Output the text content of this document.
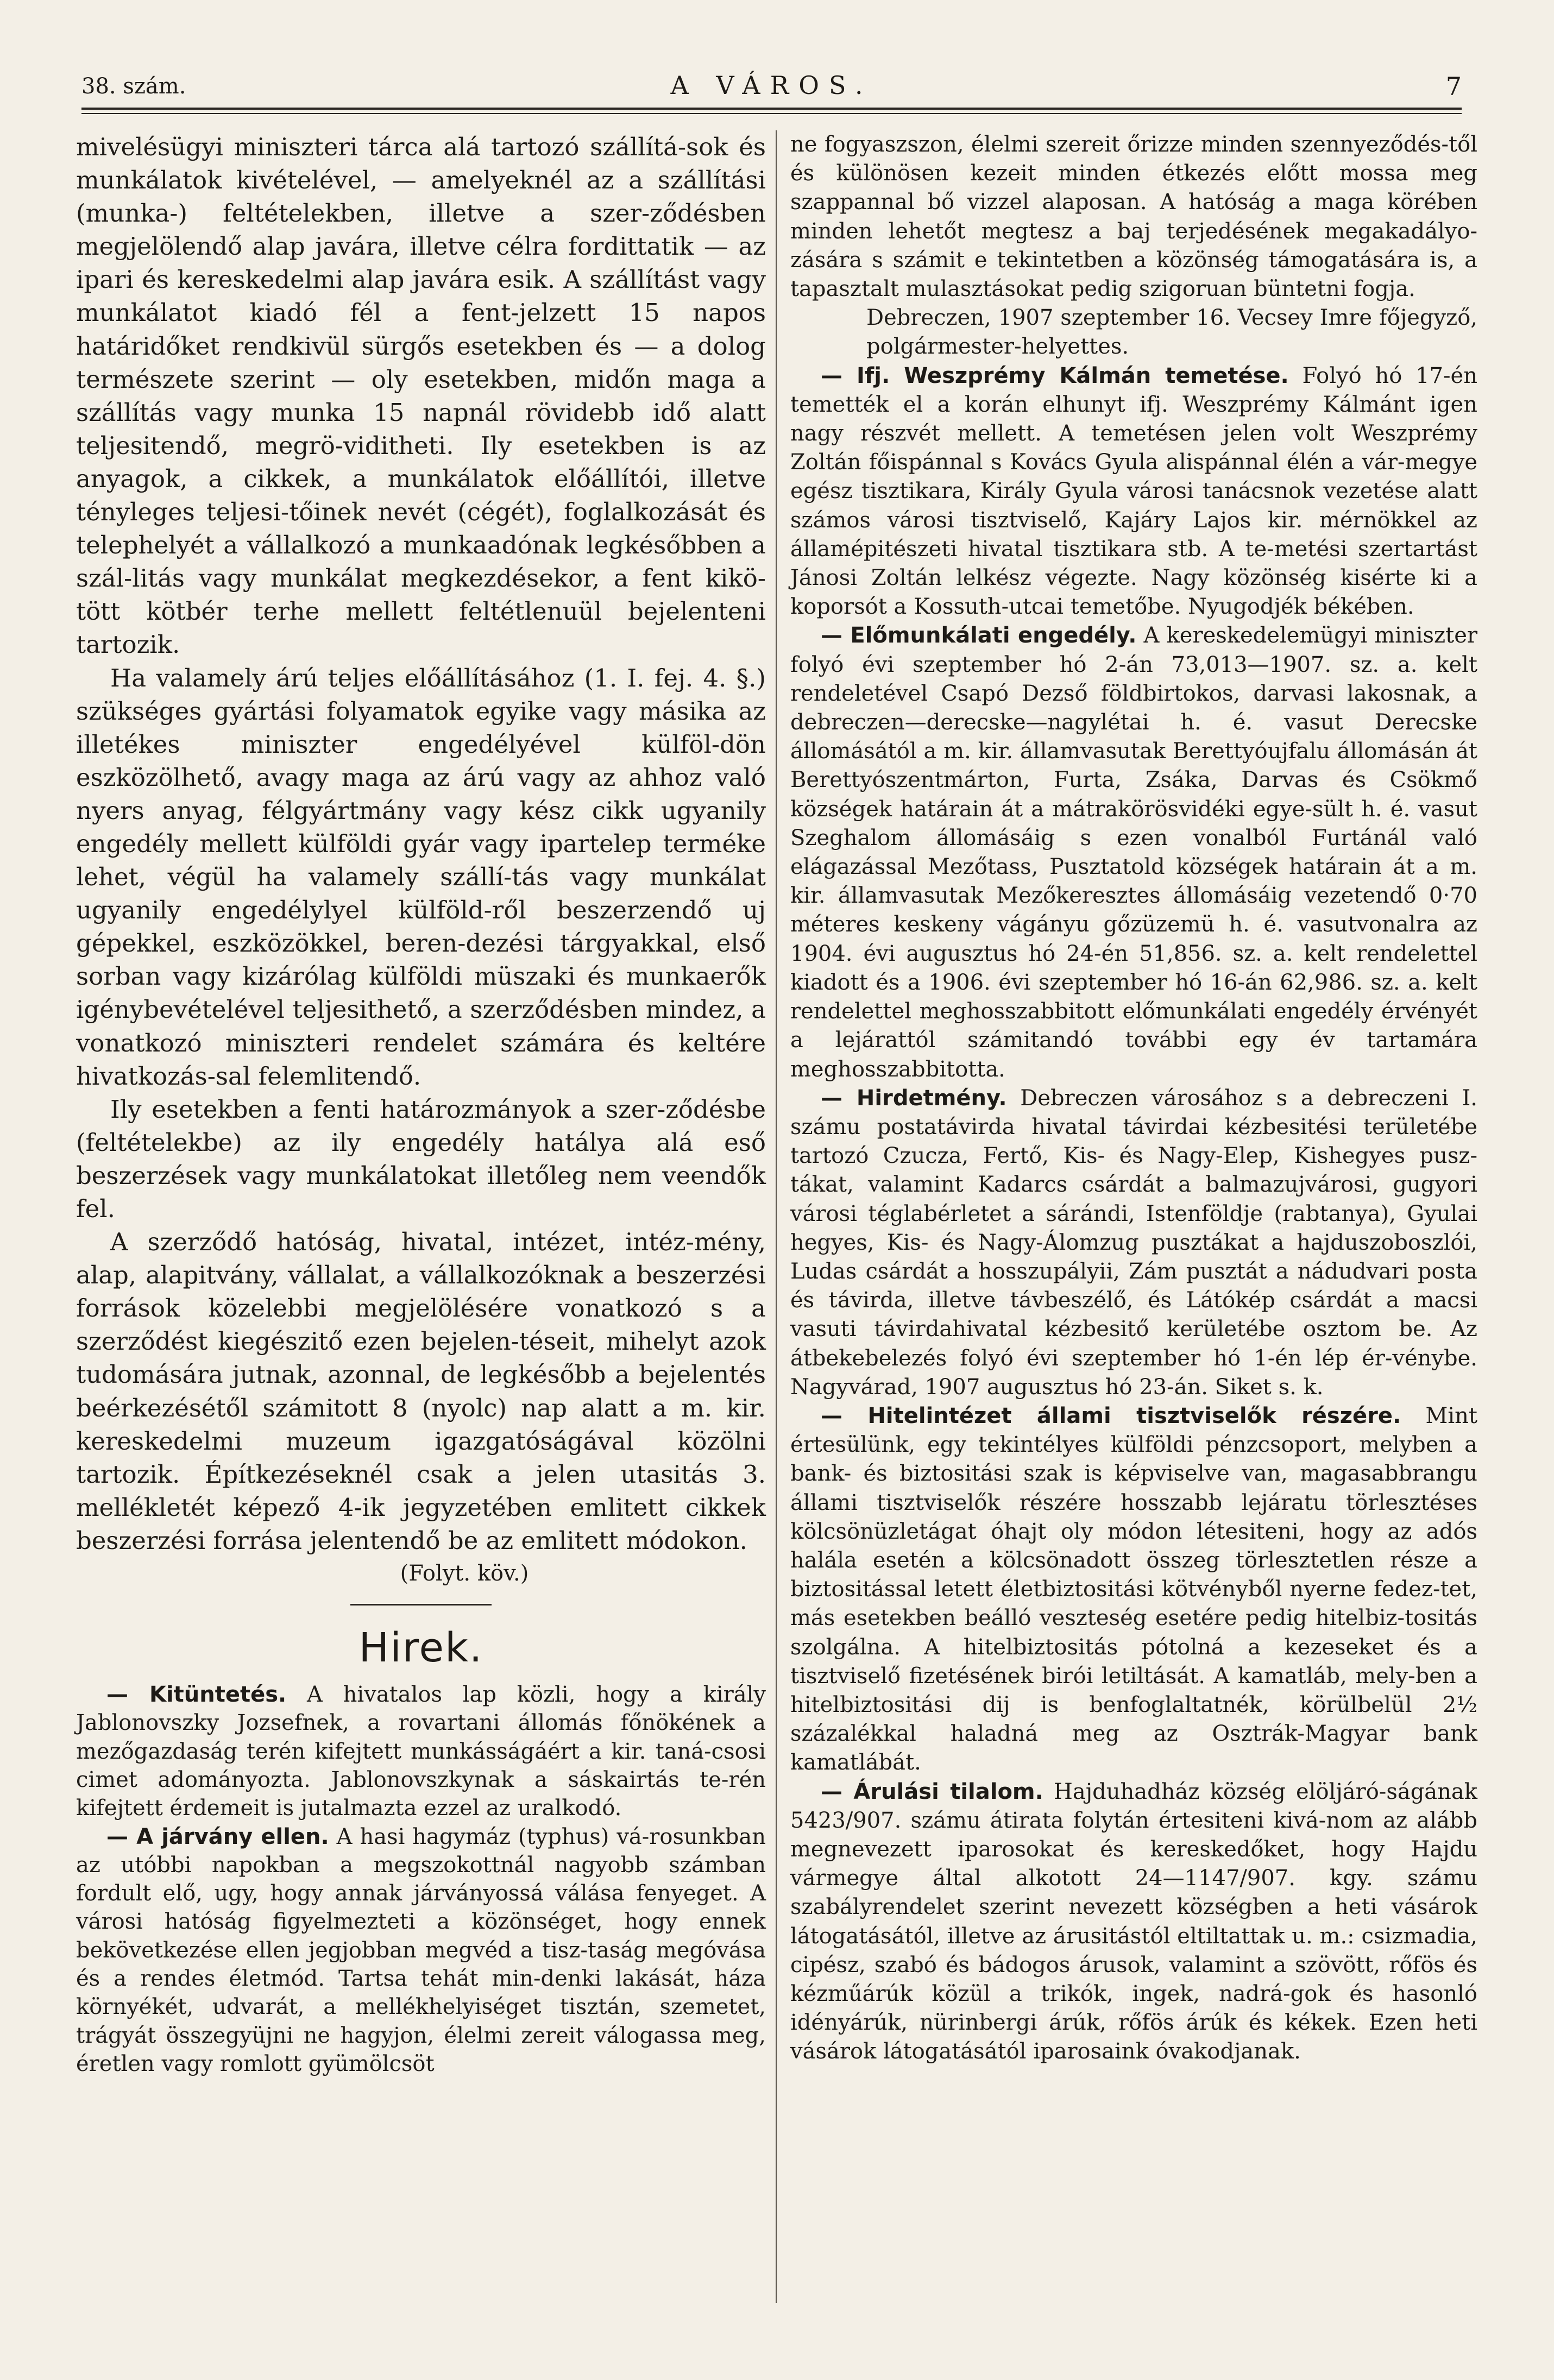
38. szám.	A VÁROS.	7

mivelésügyi miniszteri tárca alá tartozó szállítá-sok és munkálatok kivételével, — amelyeknél az a szállítási (munka-) feltételekben, illetve a szer-ződésben megjelölendő alap javára, illetve célra fordittatik — az ipari és kereskedelmi alap javára esik. A szállítást vagy munkálatot kiadó fél a fent-jelzett 15 napos határidőket rendkivül sürgős esetekben és — a dolog természete szerint — oly esetekben, midőn maga a szállítás vagy munka 15 napnál rövidebb idő alatt teljesitendő, megrö-viditheti. Ily esetekben is az anyagok, a cikkek, a munkálatok előállítói, illetve tényleges teljesi-tőinek nevét (cégét), foglalkozását és telephelyét a vállalkozó a munkaadónak legkésőbben a szál-litás vagy munkálat megkezdésekor, a fent kikö-tött kötbér terhe mellett feltétlenuül bejelenteni tartozik.

Ha valamely árú teljes előállításához (1. I. fej. 4. §.) szükséges gyártási folyamatok egyike vagy másika az illetékes miniszter engedélyével külföl-dön eszközölhető, avagy maga az árú vagy az ahhoz való nyers anyag, félgyártmány vagy kész cikk ugyanily engedély mellett külföldi gyár vagy ipartelep terméke lehet, végül ha valamely szállí-tás vagy munkálat ugyanily engedélylyel külföld-ről beszerzendő uj gépekkel, eszközökkel, beren-dezési tárgyakkal, első sorban vagy kizárólag külföldi müszaki és munkaerők igénybevételével teljesithető, a szerződésben mindez, a vonatkozó miniszteri rendelet számára és keltére hivatkozás-sal felemlitendő.

Ily esetekben a fenti határozmányok a szer-ződésbe (feltételekbe) az ily engedély hatálya alá eső beszerzések vagy munkálatokat illetőleg nem veendők fel.

A szerződő hatóság, hivatal, intézet, intéz-mény, alap, alapitvány, vállalat, a vállalkozóknak a beszerzési források közelebbi megjelölésére vonatkozó s a szerződést kiegészitő ezen bejelen-téseit, mihelyt azok tudomására jutnak, azonnal, de legkésőbb a bejelentés beérkezésétől számitott 8 (nyolc) nap alatt a m. kir. kereskedelmi muzeum igazgatóságával közölni tartozik. Építkezéseknél csak a jelen utasitás 3. mellékletét képező 4-ik jegyzetében emlitett cikkek beszerzési forrása jelentendő be az emlitett módokon.

(Folyt. köv.)
Hirek.

— Kitüntetés. A hivatalos lap közli, hogy a király Jablonovszky Jozsefnek, a rovartani állomás főnökének a mezőgazdaság terén kifejtett munkásságáért a kir. taná-csosi cimet adományozta. Jablonovszkynak a sáskairtás te-rén kifejtett érdemeit is jutalmazta ezzel az uralkodó.

— A járvány ellen. A hasi hagymáz (typhus) vá-rosunkban az utóbbi napokban a megszokottnál nagyobb számban fordult elő, ugy, hogy annak járványossá válása fenyeget. A városi hatóság figyelmezteti a közönséget, hogy ennek bekövetkezése ellen jegjobban megvéd a tisz-taság megóvása és a rendes életmód. Tartsa tehát min-denki lakását, háza környékét, udvarát, a mellékhelyiséget tisztán, szemetet, trágyát összegyüjni ne hagyjon, élelmi zereit válogassa meg, éretlen vagy romlott gyümölcsöt

ne fogyaszszon, élelmi szereit őrizze minden szennyeződés-től és különösen kezeit minden étkezés előtt mossa meg szappannal bő vizzel alaposan. A hatóság a maga körében minden lehetőt megtesz a baj terjedésének megakadályo-zására s számit e tekintetben a közönség támogatására is, a tapasztalt mulasztásokat pedig szigoruan büntetni fogja.

Debreczen, 1907 szeptember 16. Vecsey Imre főjegyző, polgármester-helyettes.

— Ifj. Weszprémy Kálmán temetése. Folyó hó 17-én temették el a korán elhunyt ifj. Weszprémy Kálmánt igen nagy részvét mellett. A temetésen jelen volt Weszprémy Zoltán főispánnal s Kovács Gyula alispánnal élén a vár-megye egész tisztikara, Király Gyula városi tanácsnok vezetése alatt számos városi tisztviselő, Kajáry Lajos kir. mérnökkel az államépitészeti hivatal tisztikara stb. A te-metési szertartást Jánosi Zoltán lelkész végezte. Nagy közönség kisérte ki a koporsót a Kossuth-utcai temetőbe. Nyugodjék békében.

— Előmunkálati engedély. A kereskedelemügyi miniszter folyó évi szeptember hó 2-án 73,013—1907. sz. a. kelt rendeletével Csapó Dezső földbirtokos, darvasi lakosnak, a debreczen—derecske—nagylétai h. é. vasut Derecske állomásától a m. kir. államvasutak Berettyóujfalu állomásán át Berettyószentmárton, Furta, Zsáka, Darvas és Csökmő községek határain át a mátrakörösvidéki egye-sült h. é. vasut Szeghalom állomásáig s ezen vonalból Furtánál való elágazással Mezőtass, Pusztatold községek határain át a m. kir. államvasutak Mezőkeresztes állomásáig vezetendő 0·70 méteres keskeny vágányu gőzüzemü h. é. vasutvonalra az 1904. évi augusztus hó 24-én 51,856. sz. a. kelt rendelettel kiadott és a 1906. évi szeptember hó 16-án 62,986. sz. a. kelt rendelettel meghosszabbitott előmunkálati engedély érvényét a lejárattól számitandó további egy év tartamára meghosszabbitotta.

— Hirdetmény. Debreczen városához s a debreczeni I. számu postatávirda hivatal távirdai kézbesitési területébe tartozó Czucza, Fertő, Kis- és Nagy-Elep, Kishegyes pusz-tákat, valamint Kadarcs csárdát a balmazujvárosi, gugyori városi téglabérletet a sárándi, Istenföldje (rabtanya), Gyulai hegyes, Kis- és Nagy-Álomzug pusztákat a hajduszoboszlói, Ludas csárdát a hosszupályii, Zám pusztát a nádudvari posta és távirda, illetve távbeszélő, és Látókép csárdát a macsi vasuti távirdahivatal kézbesitő kerületébe osztom be. Az átbekebelezés folyó évi szeptember hó 1-én lép ér-vénybe. Nagyvárad, 1907 augusztus hó 23-án. Siket s. k.

— Hitelintézet állami tisztviselők részére. Mint értesülünk, egy tekintélyes külföldi pénzcsoport, melyben a bank- és biztositási szak is képviselve van, magasabbrangu állami tisztviselők részére hosszabb lejáratu törlesztéses kölcsönüzletágat óhajt oly módon létesiteni, hogy az adós halála esetén a kölcsönadott összeg törlesztetlen része a biztositással letett életbiztositási kötvényből nyerne fedez-tet, más esetekben beálló veszteség esetére pedig hitelbiz-tositás szolgálna. A hitelbiztositás pótolná a kezeseket és a tisztviselő fizetésének birói letiltását. A kamatláb, mely-ben a hitelbiztositási dij is benfoglaltatnék, körülbelül 2½ százalékkal haladná meg az Osztrák-Magyar bank kamatlábát.

— Árulási tilalom. Hajduhadház község elöljáró-ságának 5423/907. számu átirata folytán értesiteni kivá-nom az alább megnevezett iparosokat és kereskedőket, hogy Hajdu vármegye által alkotott 24—1147/907. kgy. számu szabályrendelet szerint nevezett községben a heti vásárok látogatásától, illetve az árusitástól eltiltattak u. m.: csizmadia, cipész, szabó és bádogos árusok, valamint a szövött, rőfös és kézműárúk közül a trikók, ingek, nadrá-gok és hasonló idényárúk, nürinbergi árúk, rőfös árúk és kékek. Ezen heti vásárok látogatásától iparosaink óvakodjanak.
